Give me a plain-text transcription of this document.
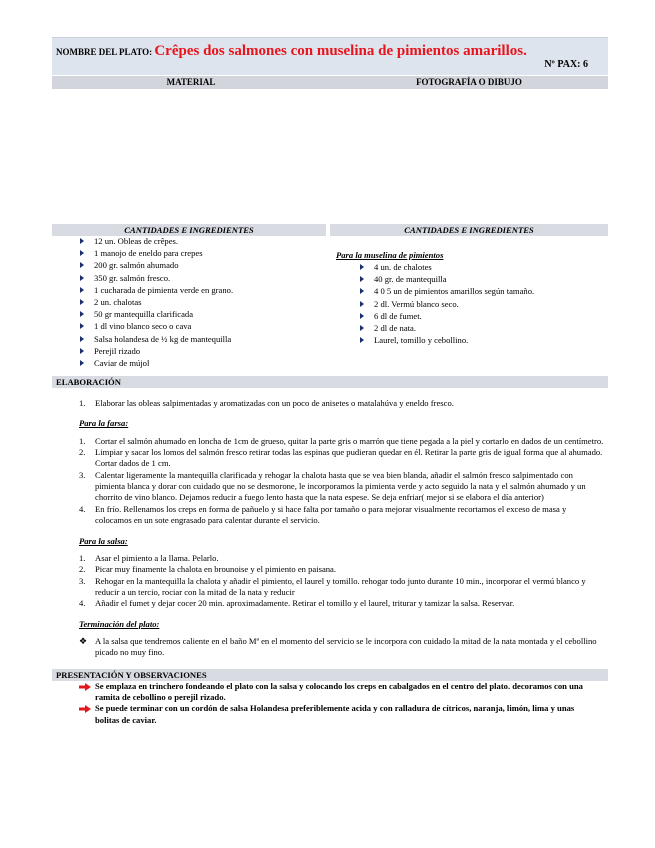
NOMBRE DEL PLATO: Crêpes dos salmones con muselina de pimientos amarillos.
Nº PAX: 6
MATERIAL	FOTOGRAFÍA O DIBUJO
CANTIDADES E INGREDIENTES	CANTIDADES E INGREDIENTES
12 un. Obleas de crêpes.
1 manojo de eneldo para crepes
200 gr. salmón ahumado
350 gr. salmón fresco.
1 cucharada de pimienta verde en grano.
2 un. chalotas
50 gr mantequilla clarificada
1 dl vino blanco seco o cava
Salsa holandesa de ½ kg de mantequilla
Perejil rizado
Caviar de mújol
Para la muselina de pimientos
4 un. de chalotes
40 gr. de mantequilla
4 0 5 un de pimientos amarillos según tamaño.
2 dl. Vermú blanco seco.
6 dl de fumet.
2 dl de nata.
Laurel, tomillo y cebollino.
ELABORACIÓN
1. Elaborar las obleas salpimentadas y aromatizadas con un poco de anisetes o matalahúva y eneldo fresco.
Para la farsa:
1. Cortar el salmón ahumado en loncha de 1cm de grueso, quitar la parte gris o marrón que tiene pegada a la piel y cortarlo en dados de un centímetro.
2. Limpiar y sacar los lomos del salmón fresco retirar todas las espinas que pudieran quedar en él. Retirar la parte gris de igual forma que al ahumado. Cortar dados de 1 cm.
3. Calentar ligeramente la mantequilla clarificada y rehogar la chalota hasta que se vea bien blanda, añadir el salmón fresco salpimentado con pimienta blanca y dorar con cuidado que no se desmorone, le incorporamos la pimienta verde y acto seguido la nata y el salmón ahumado y un chorrito de vino blanco. Dejamos reducir a fuego lento hasta que la nata espese. Se deja enfriar( mejor si se elabora el día anterior)
4. En frío. Rellenamos los creps en forma de pañuelo y si hace falta por tamaño o para mejorar visualmente recortamos el exceso de masa y colocamos en un sote engrasado para calentar durante el servicio.
Para la salsa:
1. Asar el pimiento a la llama. Pelarlo.
2. Picar muy finamente la chalota en brounoise y el pimiento en paisana.
3. Rehogar en la mantequilla la chalota y añadir el pimiento, el laurel y tomillo. rehogar todo junto durante 10 min., incorporar el vermú blanco y reducir a un tercio, rociar con la mitad de la nata y reducir
4. Añadir el fumet y dejar cocer 20 min. aproximadamente. Retirar el tomillo y el laurel, triturar y tamizar la salsa. Reservar.
Terminación del plato:
❖ A la salsa que tendremos caliente en el baño Mª en el momento del servicio se le incorpora con cuidado la mitad de la nata montada y el cebollino picado no muy fino.
PRESENTACIÓN Y OBSERVACIONES
Se emplaza en trinchero fondeando el plato con la salsa y colocando los creps en cabalgados en el centro del plato. decoramos con una ramita de cebollino o perejil rizado.
Se puede terminar con un cordón de salsa Holandesa preferiblemente acida y con ralladura de cítricos, naranja, limón, lima y unas bolitas de caviar.
